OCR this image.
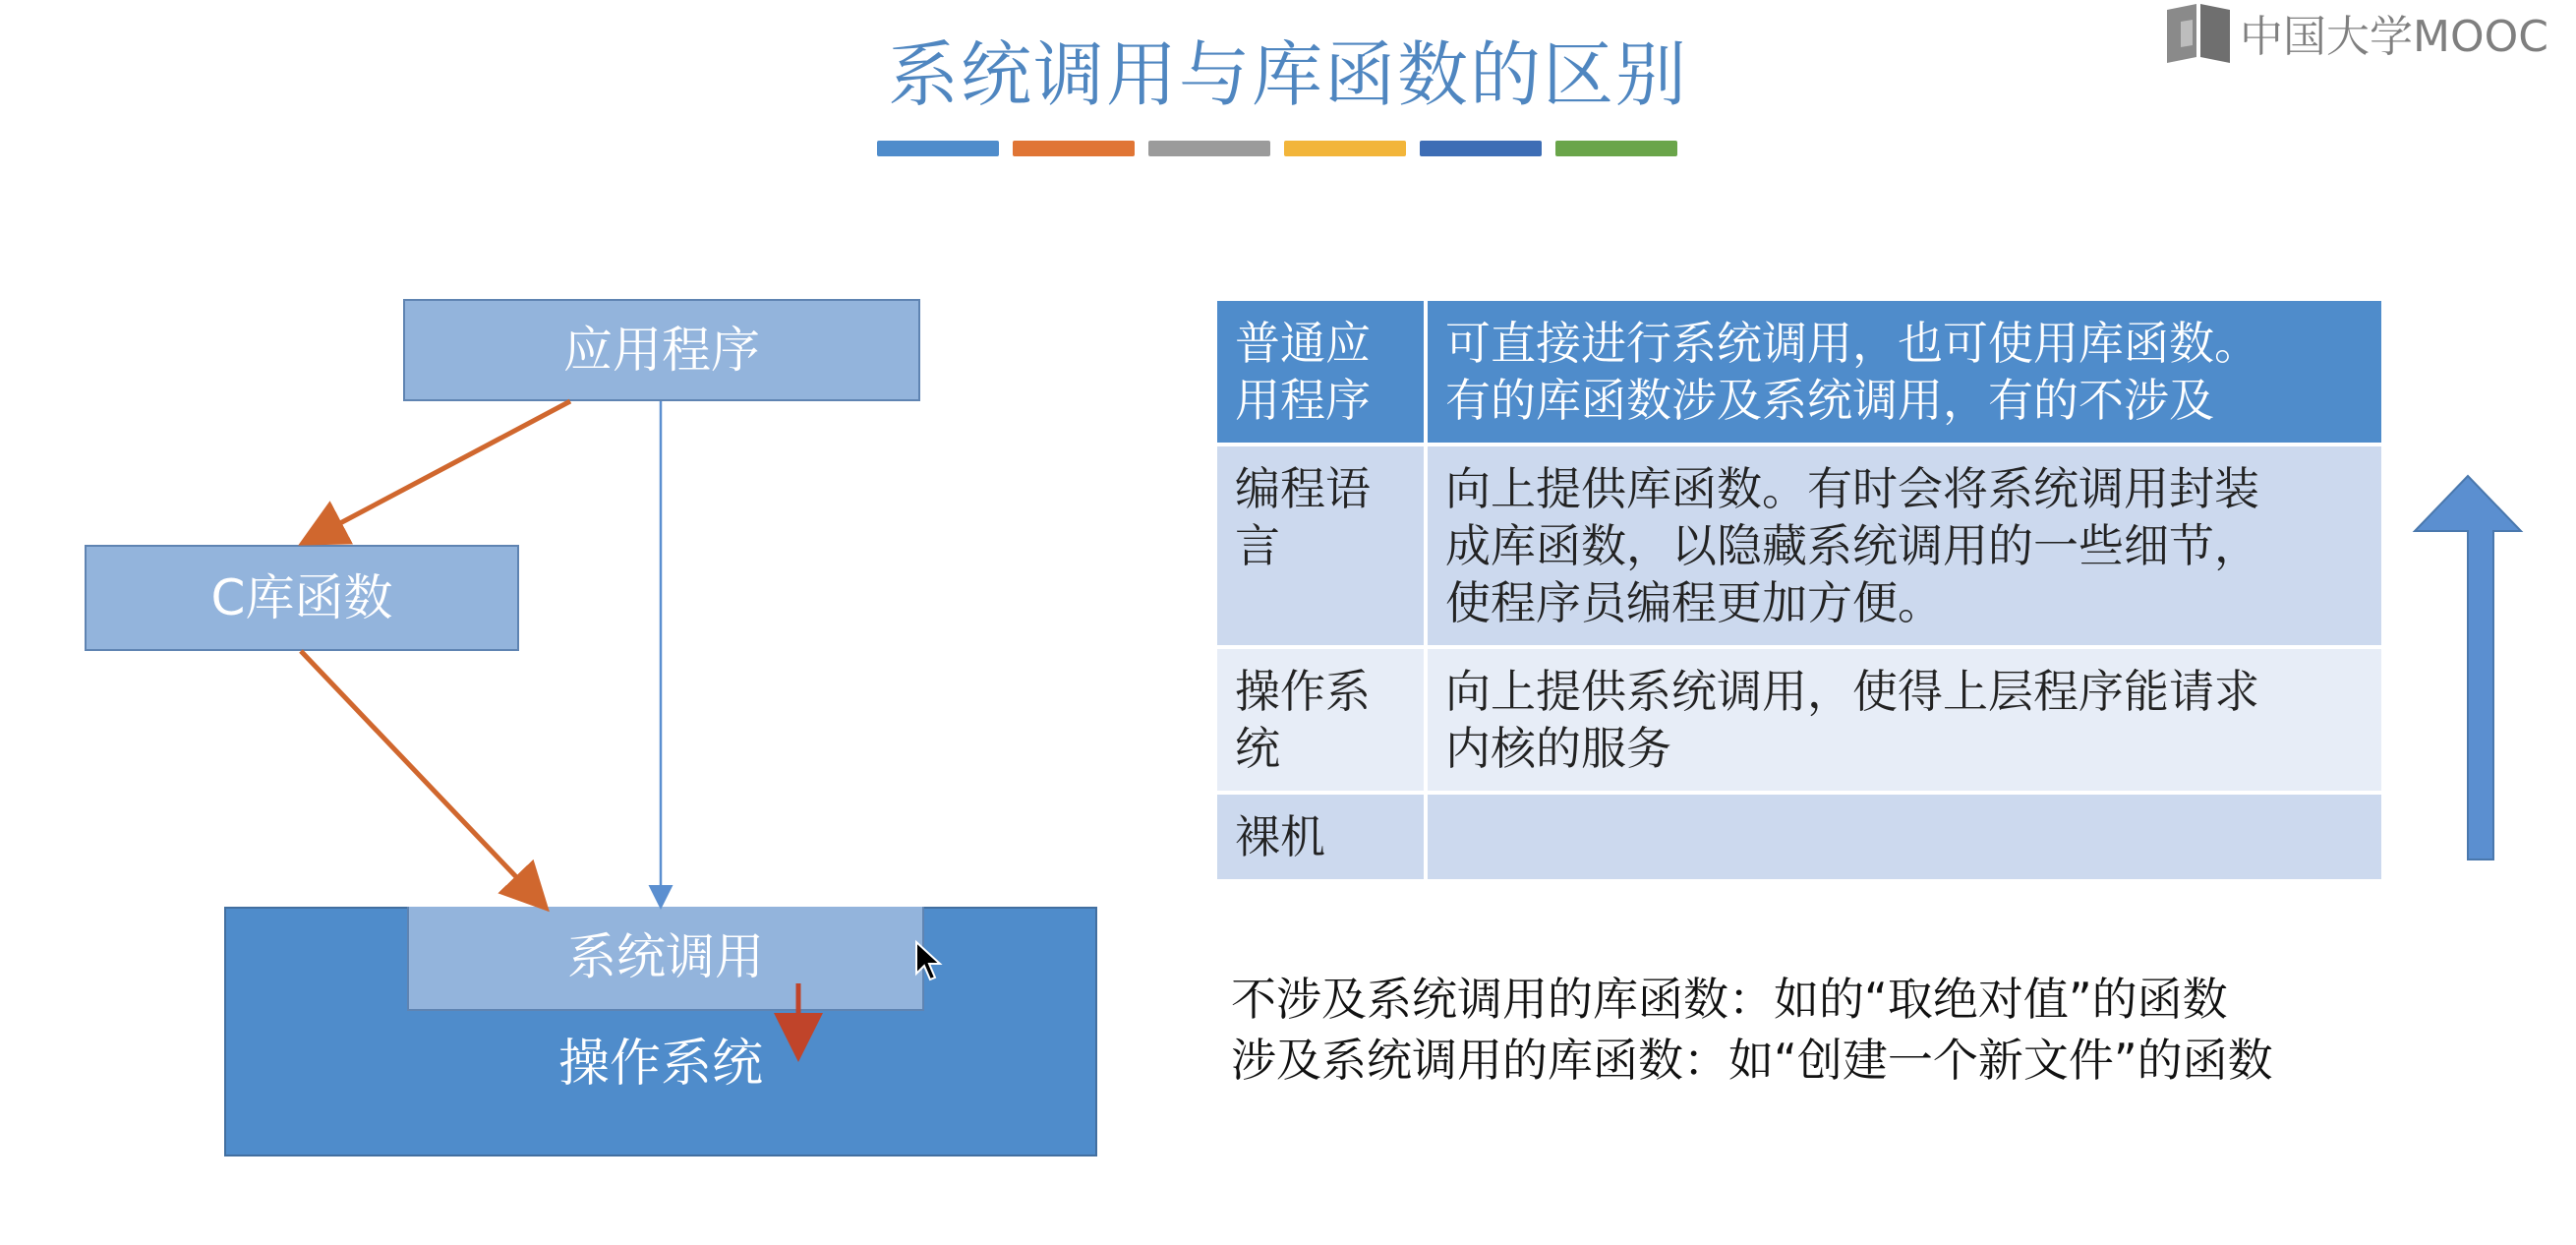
系统调用与库函数的区别	中国大学MOOC
应用程序
C库函数
系统调用
操作系统
普通应
用程序	可直接进行系统调用，也可使用库函数。
有的库函数涉及系统调用，有的不涉及
编程语
言	向上提供库函数。有时会将系统调用封装
成库函数，以隐藏系统调用的一些细节，
使程序员编程更加方便。
操作系
统	向上提供系统调用，使得上层程序能请求
内核的服务
裸机	
不涉及系统调用的库函数：如的“取绝对值”的函数
涉及系统调用的库函数：如“创建一个新文件”的函数
